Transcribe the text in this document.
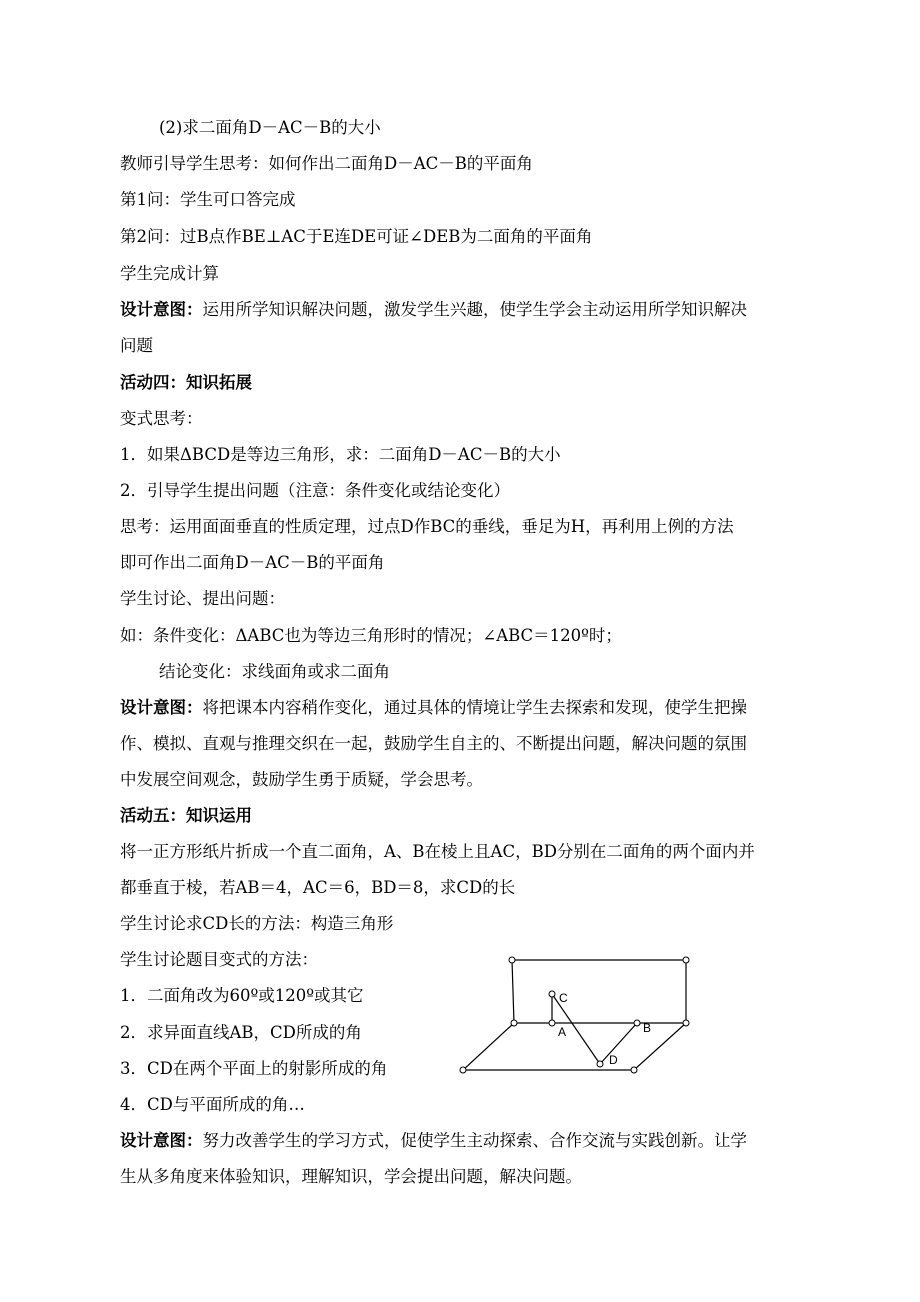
(2)求二面角D－AC－B的大小
教师引导学生思考：如何作出二面角D－AC－B的平面角
第1问：学生可口答完成
第2问：过B点作BE⊥AC于E连DE可证∠DEB为二面角的平面角
学生完成计算
设计意图：运用所学知识解决问题，激发学生兴趣，使学生学会主动运用所学知识解决
问题
活动四：知识拓展
变式思考：
1．如果ΔBCD是等边三角形，求：二面角D－AC－B的大小
2．引导学生提出问题（注意：条件变化或结论变化）
思考：运用面面垂直的性质定理，过点D作BC的垂线，垂足为H，再利用上例的方法
即可作出二面角D－AC－B的平面角
学生讨论、提出问题：
如：条件变化：ΔABC也为等边三角形时的情况；∠ABC＝120º时；
结论变化：求线面角或求二面角
设计意图：将把课本内容稍作变化，通过具体的情境让学生去探索和发现，使学生把操
作、模拟、直观与推理交织在一起，鼓励学生自主的、不断提出问题，解决问题的氛围
中发展空间观念，鼓励学生勇于质疑，学会思考。
活动五：知识运用
将一正方形纸片折成一个直二面角，A、B在棱上且AC，BD分别在二面角的两个面内并
都垂直于棱，若AB＝4，AC＝6，BD＝8，求CD的长
学生讨论求CD长的方法：构造三角形
学生讨论题目变式的方法：
1．二面角改为60º或120º或其它
2．求异面直线AB，CD所成的角
3．CD在两个平面上的射影所成的角
4．CD与平面所成的角…
设计意图：努力改善学生的学习方式，促使学生主动探索、合作交流与实践创新。让学
生从多角度来体验知识，理解知识，学会提出问题，解决问题。
C
A	B
D
